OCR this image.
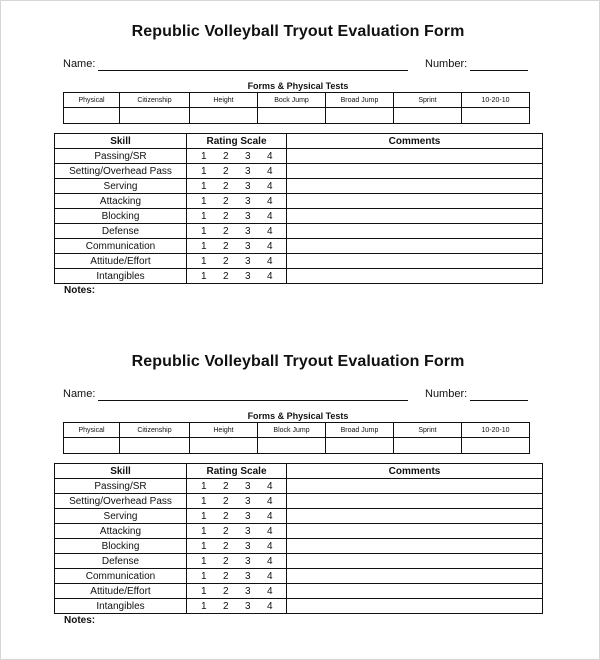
Republic Volleyball Tryout Evaluation Form
Name:	Number:
Forms & Physical Tests
Physical	Citizenship	Height	Bock Jump	Broad Jump	Sprint	10-20-10

Skill	Rating Scale	Comments
Passing/SR	1 2 3 4	
Setting/Overhead Pass	1 2 3 4	
Serving	1 2 3 4	
Attacking	1 2 3 4	
Blocking	1 2 3 4	
Defense	1 2 3 4	
Communication	1 2 3 4	
Attitude/Effort	1 2 3 4	
Intangibles	1 2 3 4	
Notes:
Republic Volleyball Tryout Evaluation Form
Name:	Number:
Forms & Physical Tests
Physical	Citizenship	Height	Block Jump	Broad Jump	Sprint	10-20-10

Skill	Rating Scale	Comments
Passing/SR	1 2 3 4	
Setting/Overhead Pass	1 2 3 4	
Serving	1 2 3 4	
Attacking	1 2 3 4	
Blocking	1 2 3 4	
Defense	1 2 3 4	
Communication	1 2 3 4	
Attitude/Effort	1 2 3 4	
Intangibles	1 2 3 4	
Notes:
